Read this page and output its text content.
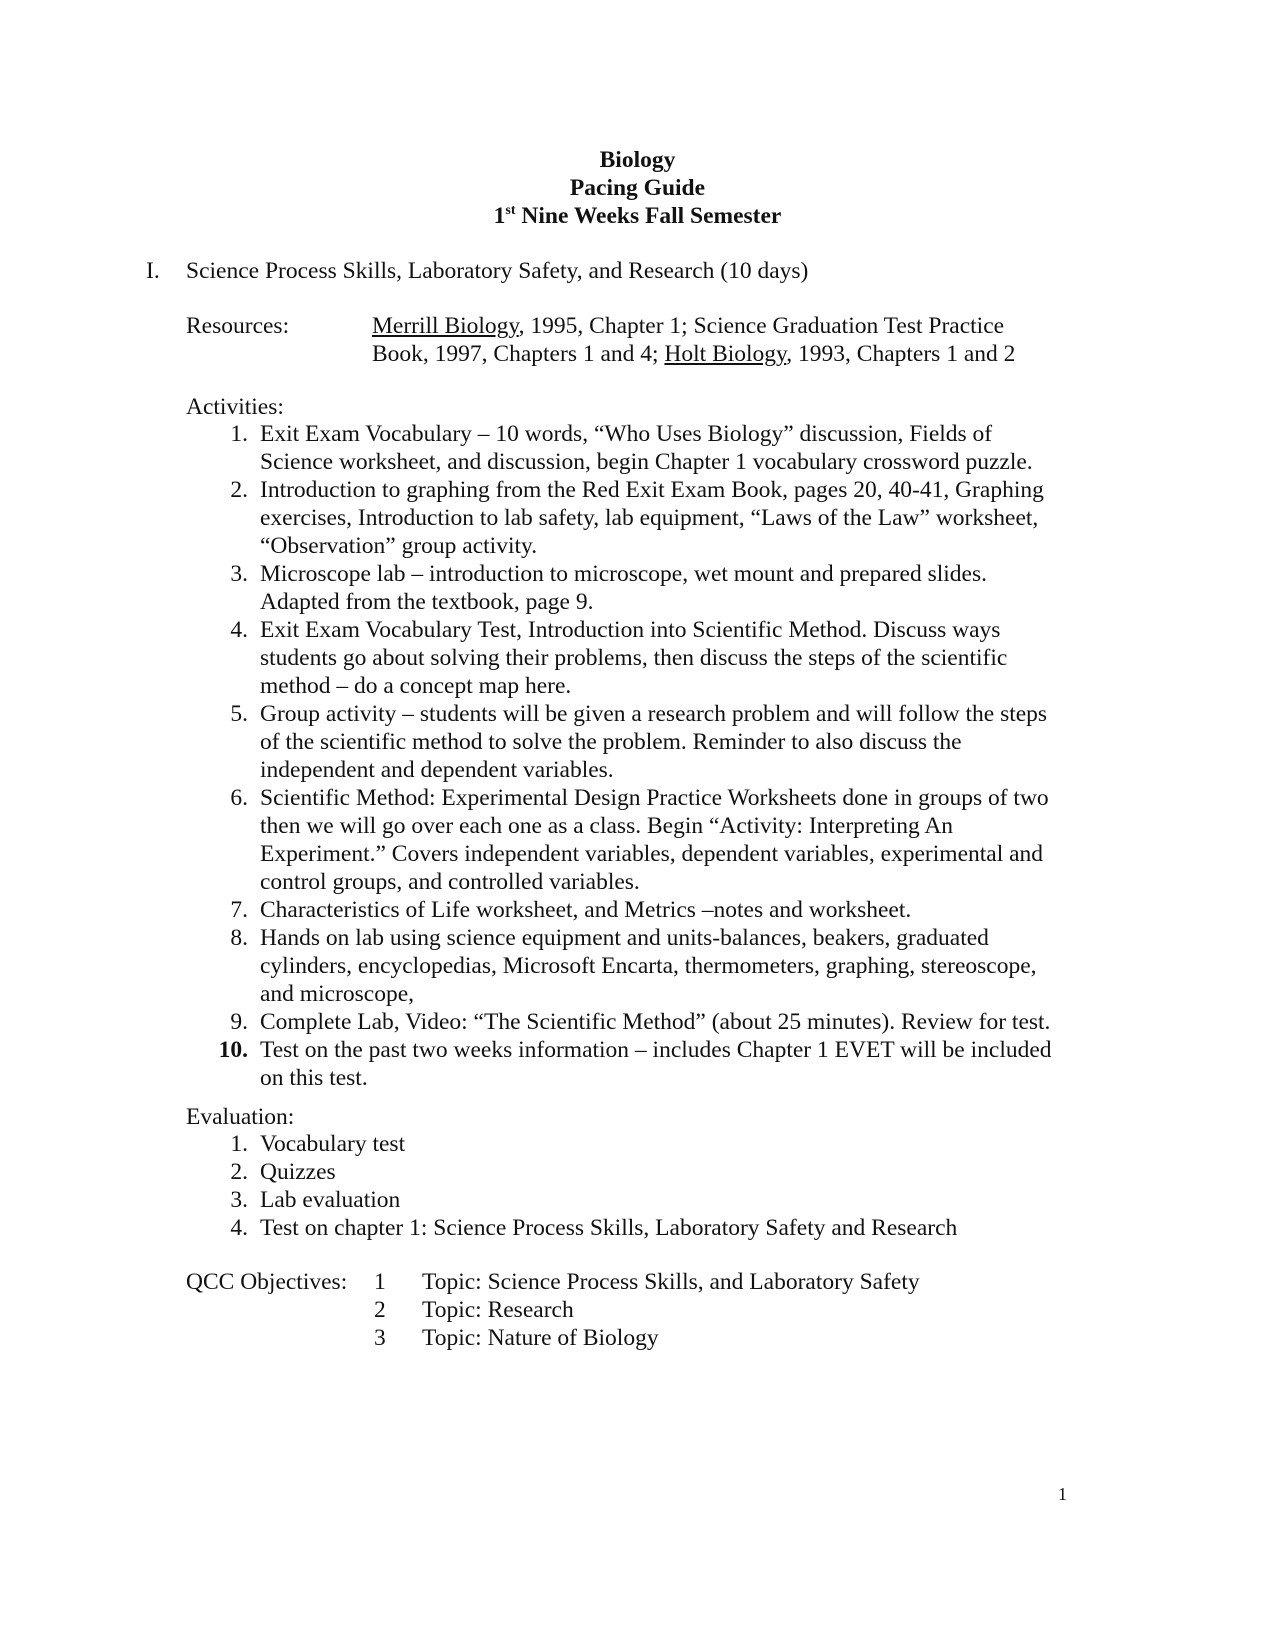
Biology
Pacing Guide
1st Nine Weeks Fall Semester
I. Science Process Skills, Laboratory Safety, and Research (10 days)
Resources:	Merrill Biology, 1995, Chapter 1; Science Graduation Test Practice
Book, 1997, Chapters 1 and 4; Holt Biology, 1993, Chapters 1 and 2
Activities:
1. Exit Exam Vocabulary – 10 words, “Who Uses Biology” discussion, Fields of
Science worksheet, and discussion, begin Chapter 1 vocabulary crossword puzzle.
2. Introduction to graphing from the Red Exit Exam Book, pages 20, 40-41, Graphing
exercises, Introduction to lab safety, lab equipment, “Laws of the Law” worksheet,
“Observation” group activity.
3. Microscope lab – introduction to microscope, wet mount and prepared slides.
Adapted from the textbook, page 9.
4. Exit Exam Vocabulary Test, Introduction into Scientific Method. Discuss ways
students go about solving their problems, then discuss the steps of the scientific
method – do a concept map here.
5. Group activity – students will be given a research problem and will follow the steps
of the scientific method to solve the problem. Reminder to also discuss the
independent and dependent variables.
6. Scientific Method: Experimental Design Practice Worksheets done in groups of two
then we will go over each one as a class. Begin “Activity: Interpreting An
Experiment.” Covers independent variables, dependent variables, experimental and
control groups, and controlled variables.
7. Characteristics of Life worksheet, and Metrics –notes and worksheet.
8. Hands on lab using science equipment and units-balances, beakers, graduated
cylinders, encyclopedias, Microsoft Encarta, thermometers, graphing, stereoscope,
and microscope,
9. Complete Lab, Video: “The Scientific Method” (about 25 minutes). Review for test.
10. Test on the past two weeks information – includes Chapter 1 EVET will be included
on this test.
Evaluation:
1. Vocabulary test
2. Quizzes
3. Lab evaluation
4. Test on chapter 1: Science Process Skills, Laboratory Safety and Research
QCC Objectives: 1 Topic: Science Process Skills, and Laboratory Safety
2 Topic: Research
3 Topic: Nature of Biology
1
